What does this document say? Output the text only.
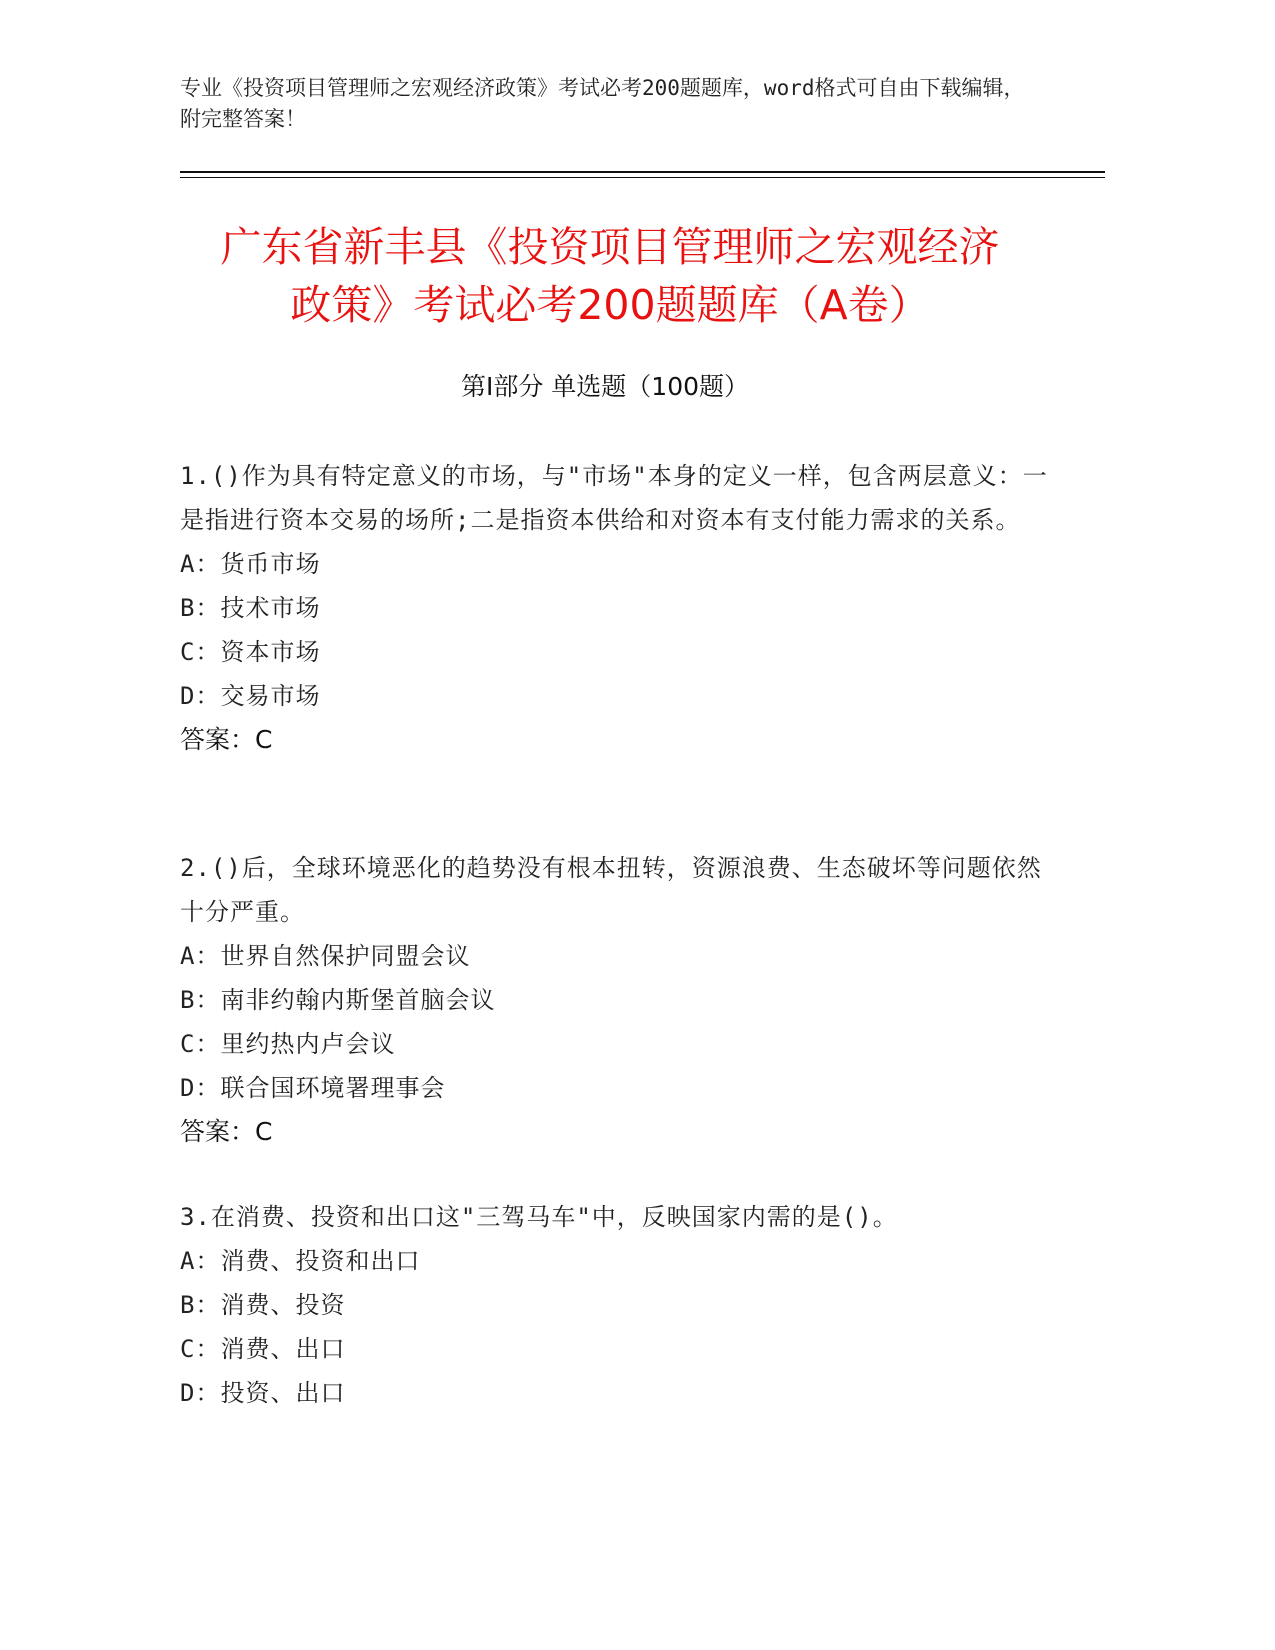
专业《投资项目管理师之宏观经济政策》考试必考200题题库，word格式可自由下载编辑，附完整答案！
广东省新丰县《投资项目管理师之宏观经济
政策》考试必考200题题库（A卷）
第Ⅰ部分 单选题（100题）
1.()作为具有特定意义的市场，与"市场"本身的定义一样，包含两层意义：一是指进行资本交易的场所;二是指资本供给和对资本有支付能力需求的关系。
A：货币市场
B：技术市场
C：资本市场
D：交易市场
答案：C
2.()后，全球环境恶化的趋势没有根本扭转，资源浪费、生态破坏等问题依然十分严重。
A：世界自然保护同盟会议
B：南非约翰内斯堡首脑会议
C：里约热内卢会议
D：联合国环境署理事会
答案：C
3.在消费、投资和出口这"三驾马车"中，反映国家内需的是()。
A：消费、投资和出口
B：消费、投资
C：消费、出口
D：投资、出口
